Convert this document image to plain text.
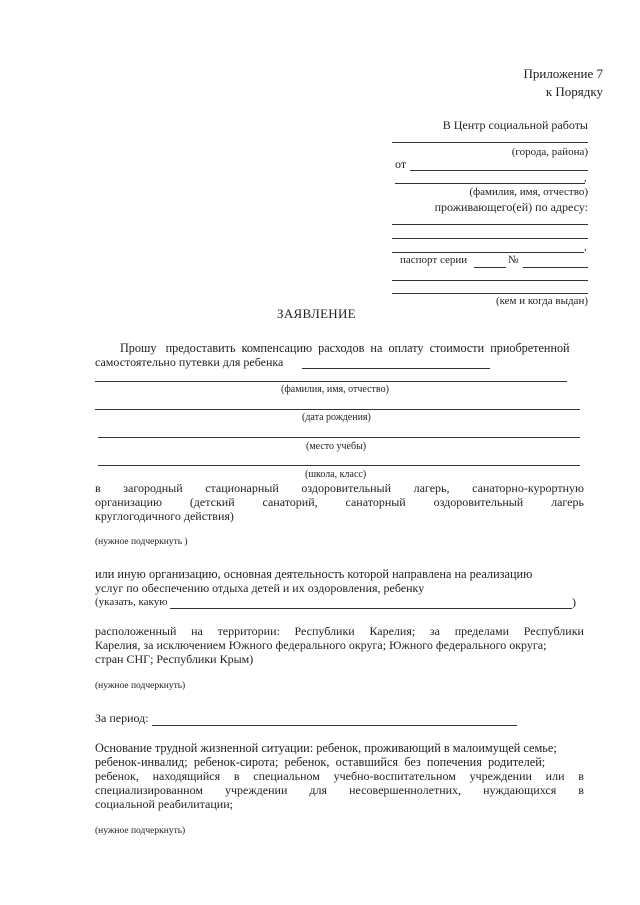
Приложение 7
к Порядку
В Центр социальной работы
(города, района)
от
,
(фамилия, имя, отчество)
проживающего(ей) по адресу:
,
паспорт серии	№
(кем и когда выдан)
ЗАЯВЛЕНИЕ
Прошу   предоставить  компенсацию  расходов  на  оплату  стоимости  приобретенной
самостоятельно путевки для ребенка
(фамилия, имя, отчество)
(дата рождения)
(место учебы)
(школа, класс)
в загородный стационарный оздоровительный лагерь, санаторно-курортную
организацию (детский санаторий, санаторный оздоровительный лагерь
круглогодичного действия)
(нужное подчеркнуть )
или иную организацию, основная деятельность которой направлена на реализацию
услуг по обеспечению отдыха детей и их оздоровления, ребенку
(указать, какую	)
расположенный на территории: Республики Карелия; за пределами Республики
Карелия, за исключением Южного федерального округа; Южного федерального округа;
стран СНГ; Республики Крым)
(нужное подчеркнуть)
За период:
Основание трудной жизненной ситуации: ребенок, проживающий в малоимущей семье;
ребенок-инвалид;  ребенок-сирота;  ребенок,  оставшийся  без  попечения  родителей;
ребенок, находящийся в специальном учебно-воспитательном учреждении или в
специализированном учреждении для несовершеннолетних, нуждающихся в
социальной реабилитации;
(нужное подчеркнуть)
